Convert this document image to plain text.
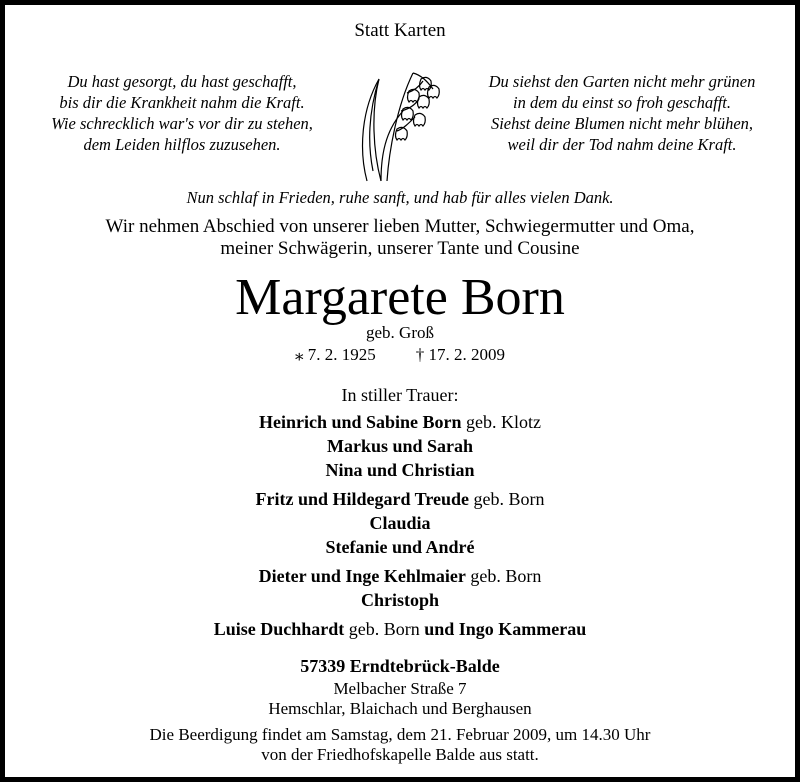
Statt Karten
Du hast gesorgt, du hast geschafft,
bis dir die Krankheit nahm die Kraft.
Wie schrecklich war's vor dir zu stehen,
dem Leiden hilflos zuzusehen.
Du siehst den Garten nicht mehr grünen
in dem du einst so froh geschafft.
Siehst deine Blumen nicht mehr blühen,
weil dir der Tod nahm deine Kraft.
Nun schlaf in Frieden, ruhe sanft, und hab für alles vielen Dank.
Wir nehmen Abschied von unserer lieben Mutter, Schwiegermutter und Oma,
meiner Schwägerin, unserer Tante und Cousine
Margarete Born
geb. Groß
⁎ 7. 2. 1925 † 17. 2. 2009
In stiller Trauer:
Heinrich und Sabine Born geb. Klotz
Markus und Sarah
Nina und Christian
Fritz und Hildegard Treude geb. Born
Claudia
Stefanie und André
Dieter und Inge Kehlmaier geb. Born
Christoph
Luise Duchhardt geb. Born und Ingo Kammerau
57339 Erndtebrück-Balde
Melbacher Straße 7
Hemschlar, Blaichach und Berghausen
Die Beerdigung findet am Samstag, dem 21. Februar 2009, um 14.30 Uhr
von der Friedhofskapelle Balde aus statt.
